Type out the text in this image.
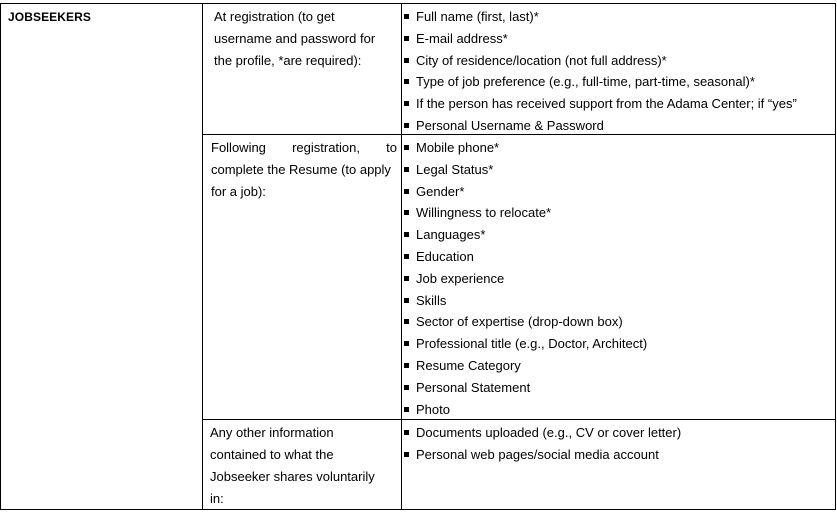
JOBSEEKERS	At registration (to get
username and password for
the profile, *are required):
Following registration, to
complete the Resume (to apply
for a job):
Any other information
contained to what the
Jobseeker shares voluntarily
in:
Full name (first, last)*
E-mail address*
City of residence/location (not full address)*
Type of job preference (e.g., full-time, part-time, seasonal)*
If the person has received support from the Adama Center; if “yes”
Personal Username & Password
Mobile phone*
Legal Status*
Gender*
Willingness to relocate*
Languages*
Education
Job experience
Skills
Sector of expertise (drop-down box)
Professional title (e.g., Doctor, Architect)
Resume Category
Personal Statement
Photo
Documents uploaded (e.g., CV or cover letter)
Personal web pages/social media account
